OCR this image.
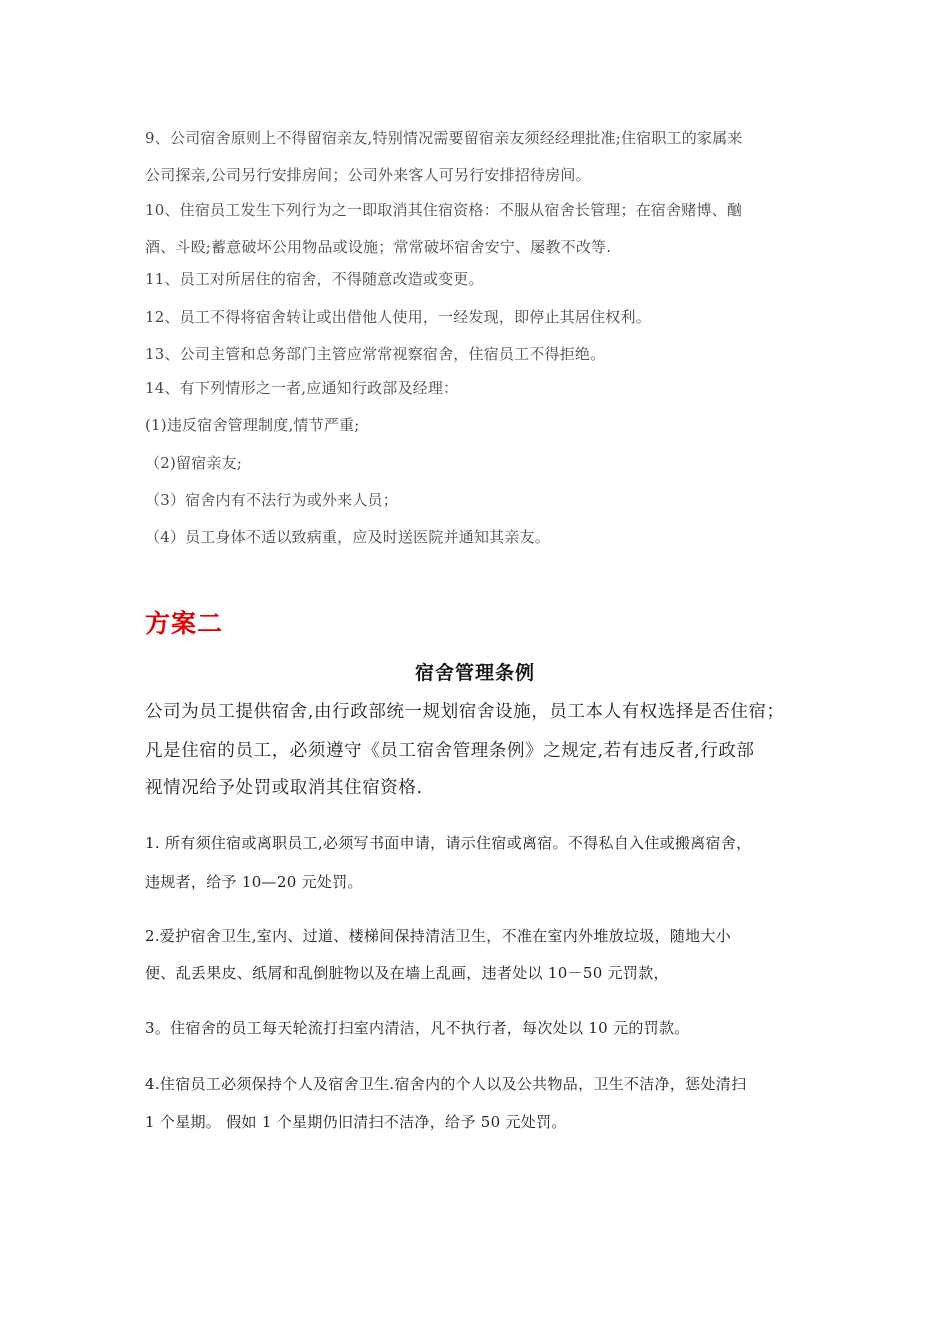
9、公司宿舍原则上不得留宿亲友,特别情况需要留宿亲友须经经理批准;住宿职工的家属来
公司探亲,公司另行安排房间；公司外来客人可另行安排招待房间。
10、住宿员工发生下列行为之一即取消其住宿资格：不服从宿舍长管理；在宿舍赌博、酗
酒、斗殴;蓄意破坏公用物品或设施；常常破坏宿舍安宁、屡教不改等.
11、员工对所居住的宿舍，不得随意改造或变更。
12、员工不得将宿舍转让或出借他人使用，一经发现，即停止其居住权利。
13、公司主管和总务部门主管应常常视察宿舍，住宿员工不得拒绝。
14、有下列情形之一者,应通知行政部及经理：
(1)违反宿舍管理制度,情节严重;
（2)留宿亲友;
（3）宿舍内有不法行为或外来人员；
（4）员工身体不适以致病重，应及时送医院并通知其亲友。
方案二
宿舍管理条例
公司为员工提供宿舍,由行政部统一规划宿舍设施，员工本人有权选择是否住宿；
凡是住宿的员工，必须遵守《员工宿舍管理条例》之规定,若有违反者,行政部
视情况给予处罚或取消其住宿资格.
1. 所有须住宿或离职员工,必须写书面申请，请示住宿或离宿。不得私自入住或搬离宿舍，
违规者，给予 10—20 元处罚。
2.爱护宿舍卫生,室内、过道、楼梯间保持清洁卫生，不准在室内外堆放垃圾，随地大小
便、乱丢果皮、纸屑和乱倒脏物以及在墙上乱画，违者处以 10－50 元罚款，
3。住宿舍的员工每天轮流打扫室内清洁，凡不执行者，每次处以 10 元的罚款。
4.住宿员工必须保持个人及宿舍卫生.宿舍内的个人以及公共物品，卫生不洁净，惩处清扫
1 个星期。 假如 1 个星期仍旧清扫不洁净，给予 50 元处罚。
